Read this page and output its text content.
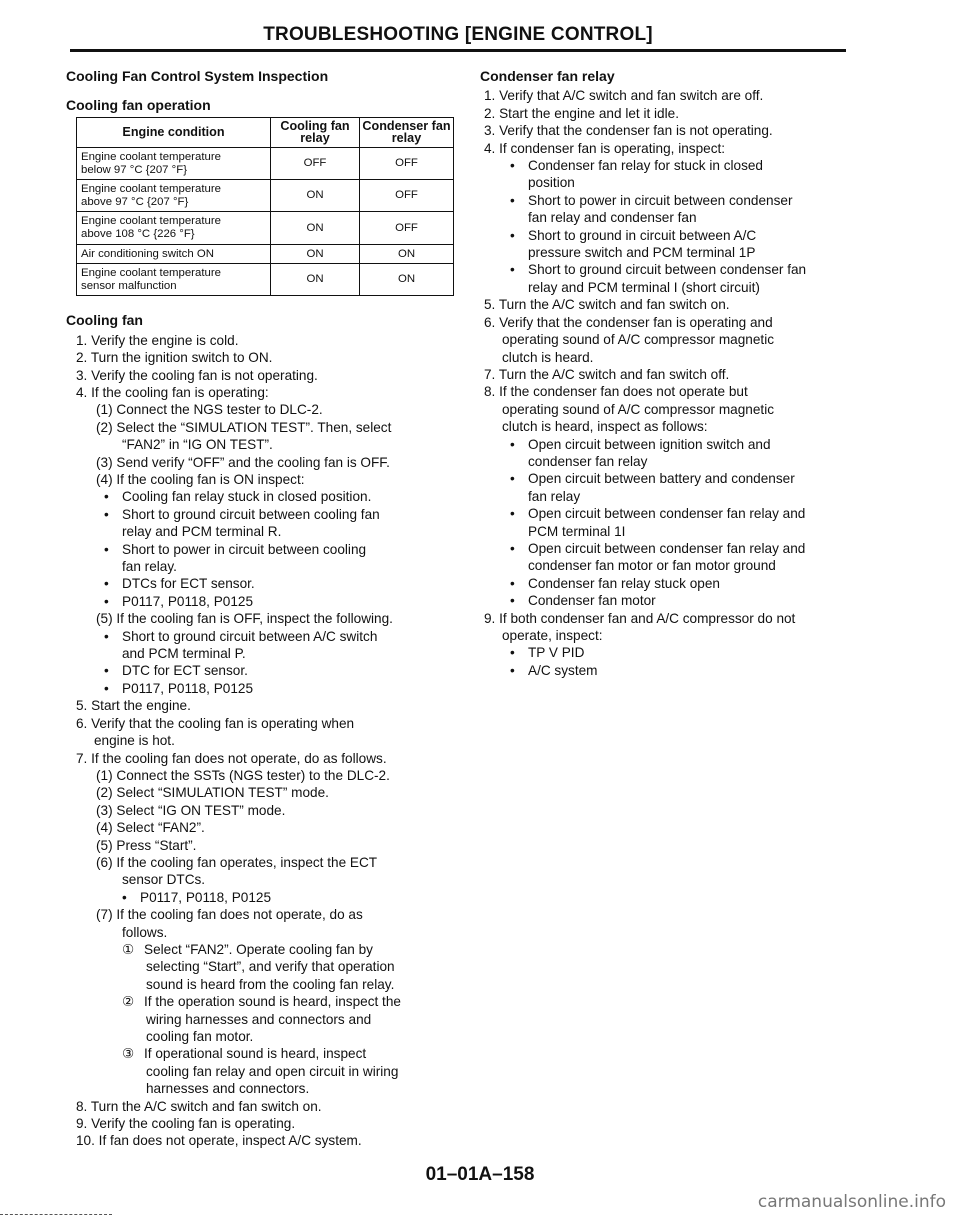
TROUBLESHOOTING [ENGINE CONTROL]
Cooling Fan Control System Inspection
Cooling fan operation
Engine condition	Cooling fan relay	Condenser fan relay

Engine coolant temperature
below 97 °C {207 °F}	OFF	OFF

Engine coolant temperature
above 97 °C {207 °F}	ON	OFF

Engine coolant temperature
above 108 °C {226 °F}	ON	OFF

Air conditioning switch ON	ON	ON

Engine coolant temperature
sensor malfunction	ON	ON
Cooling fan
1. Verify the engine is cold.
2. Turn the ignition switch to ON.
3. Verify the cooling fan is not operating.
4. If the cooling fan is operating:
(1) Connect the NGS tester to DLC-2.
(2) Select the “SIMULATION TEST”. Then, select
“FAN2” in “IG ON TEST”.
(3) Send verify “OFF” and the cooling fan is OFF.
(4) If the cooling fan is ON inspect:
• Cooling fan relay stuck in closed position.
• Short to ground circuit between cooling fan
relay and PCM terminal R.
• Short to power in circuit between cooling
fan relay.
• DTCs for ECT sensor.
• P0117, P0118, P0125
(5) If the cooling fan is OFF, inspect the following.
• Short to ground circuit between A/C switch
and PCM terminal P.
• DTC for ECT sensor.
• P0117, P0118, P0125
5. Start the engine.
6. Verify that the cooling fan is operating when
engine is hot.
7. If the cooling fan does not operate, do as follows.
(1) Connect the SSTs (NGS tester) to the DLC-2.
(2) Select “SIMULATION TEST” mode.
(3) Select “IG ON TEST” mode.
(4) Select “FAN2”.
(5) Press “Start”.
(6) If the cooling fan operates, inspect the ECT
sensor DTCs.
• P0117, P0118, P0125
(7) If the cooling fan does not operate, do as
follows.
① Select “FAN2”. Operate cooling fan by
selecting “Start”, and verify that operation
sound is heard from the cooling fan relay.
② If the operation sound is heard, inspect the
wiring harnesses and connectors and
cooling fan motor.
③ If operational sound is heard, inspect
cooling fan relay and open circuit in wiring
harnesses and connectors.
8. Turn the A/C switch and fan switch on.
9. Verify the cooling fan is operating.
10. If fan does not operate, inspect A/C system.
Condenser fan relay
1. Verify that A/C switch and fan switch are off.
2. Start the engine and let it idle.
3. Verify that the condenser fan is not operating.
4. If condenser fan is operating, inspect:
• Condenser fan relay for stuck in closed
position
• Short to power in circuit between condenser
fan relay and condenser fan
• Short to ground in circuit between A/C
pressure switch and PCM terminal 1P
• Short to ground circuit between condenser fan
relay and PCM terminal I (short circuit)
5. Turn the A/C switch and fan switch on.
6. Verify that the condenser fan is operating and
operating sound of A/C compressor magnetic
clutch is heard.
7. Turn the A/C switch and fan switch off.
8. If the condenser fan does not operate but
operating sound of A/C compressor magnetic
clutch is heard, inspect as follows:
• Open circuit between ignition switch and
condenser fan relay
• Open circuit between battery and condenser
fan relay
• Open circuit between condenser fan relay and
PCM terminal 1I
• Open circuit between condenser fan relay and
condenser fan motor or fan motor ground
• Condenser fan relay stuck open
• Condenser fan motor
9. If both condenser fan and A/C compressor do not
operate, inspect:
• TP V PID
• A/C system
01–01A–158
carmanualsonline.info
